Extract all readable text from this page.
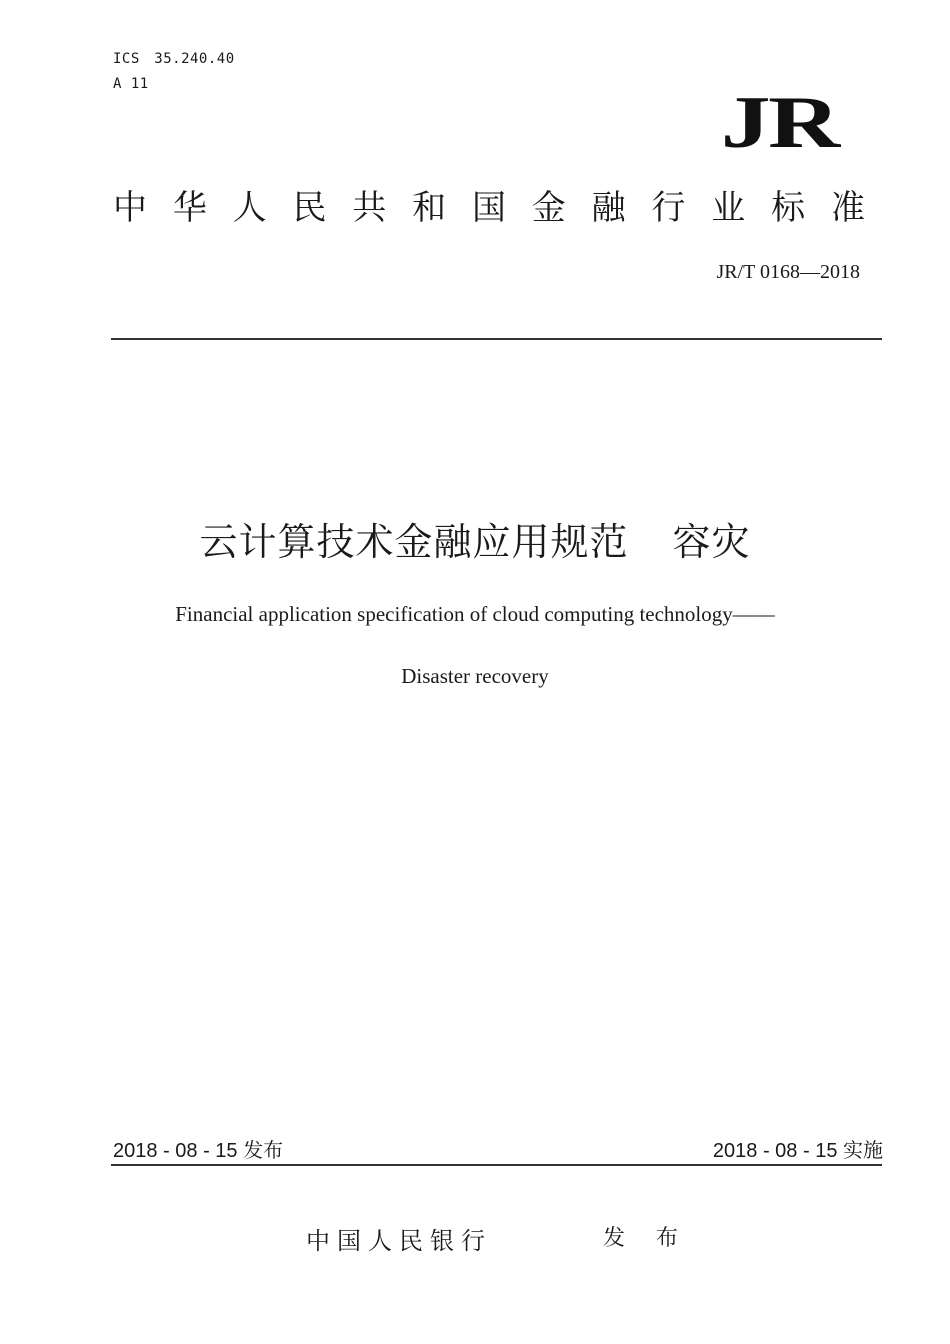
ICS　35.240.40
A 11	JR
中 华 人 民 共 和 国 金 融 行 业 标 准
JR/T 0168—2018
云计算技术金融应用规范 容灾
Financial application specification of cloud computing technology——
Disaster recovery
2018 - 08 - 15 发布	2018 - 08 - 15 实施
中国人民银行	发 布
